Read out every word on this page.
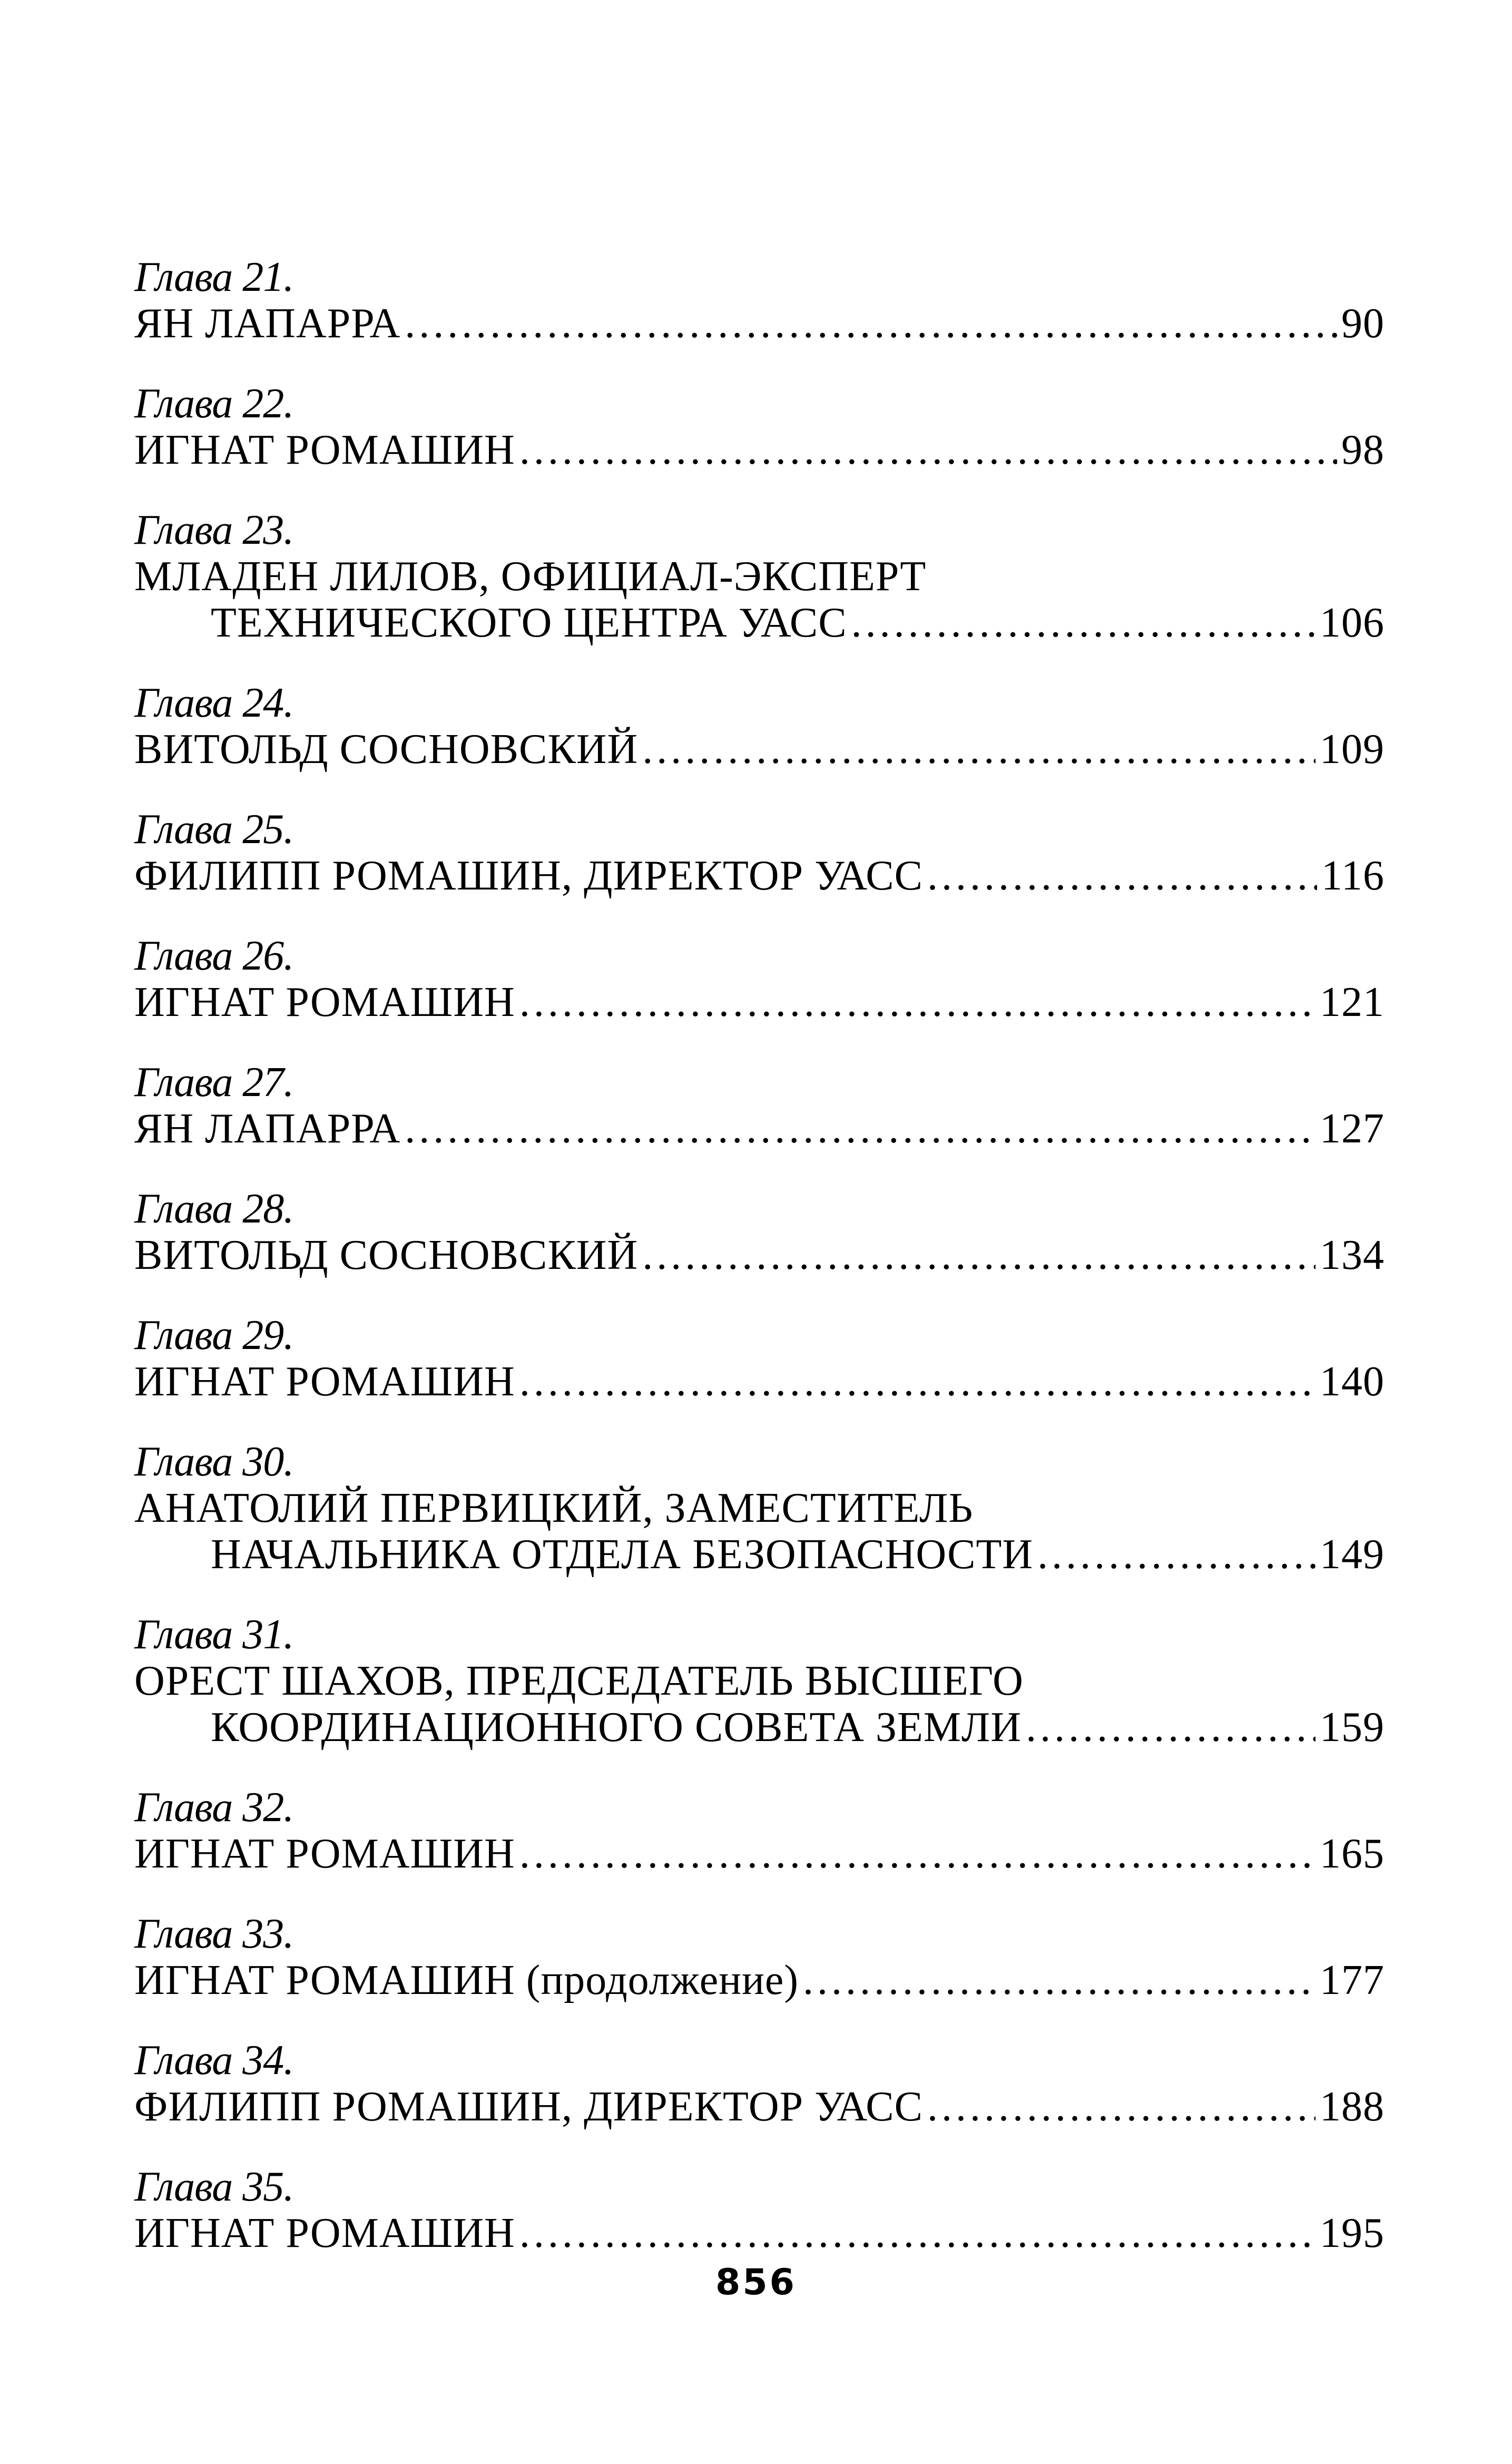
Глава 21.
ЯН ЛАПАРРА .....	90
Глава 22.
ИГНАТ РОМАШИН .....	98
Глава 23.
МЛАДЕН ЛИЛОВ, ОФИЦИАЛ-ЭКСПЕРТ
ТЕХНИЧЕСКОГО ЦЕНТРА УАСС .....	106
Глава 24.
ВИТОЛЬД СОСНОВСКИЙ .....	109
Глава 25.
ФИЛИПП РОМАШИН, ДИРЕКТОР УАСС .....	116
Глава 26.
ИГНАТ РОМАШИН .....	121
Глава 27.
ЯН ЛАПАРРА .....	127
Глава 28.
ВИТОЛЬД СОСНОВСКИЙ .....	134
Глава 29.
ИГНАТ РОМАШИН .....	140
Глава 30.
АНАТОЛИЙ ПЕРВИЦКИЙ, ЗАМЕСТИТЕЛЬ
НАЧАЛЬНИКА ОТДЕЛА БЕЗОПАСНОСТИ .....	149
Глава 31.
ОРЕСТ ШАХОВ, ПРЕДСЕДАТЕЛЬ ВЫСШЕГО
КООРДИНАЦИОННОГО СОВЕТА ЗЕМЛИ .....	159
Глава 32.
ИГНАТ РОМАШИН .....	165
Глава 33.
ИГНАТ РОМАШИН (продолжение) .....	177
Глава 34.
ФИЛИПП РОМАШИН, ДИРЕКТОР УАСС .....	188
Глава 35.
ИГНАТ РОМАШИН .....	195
856
